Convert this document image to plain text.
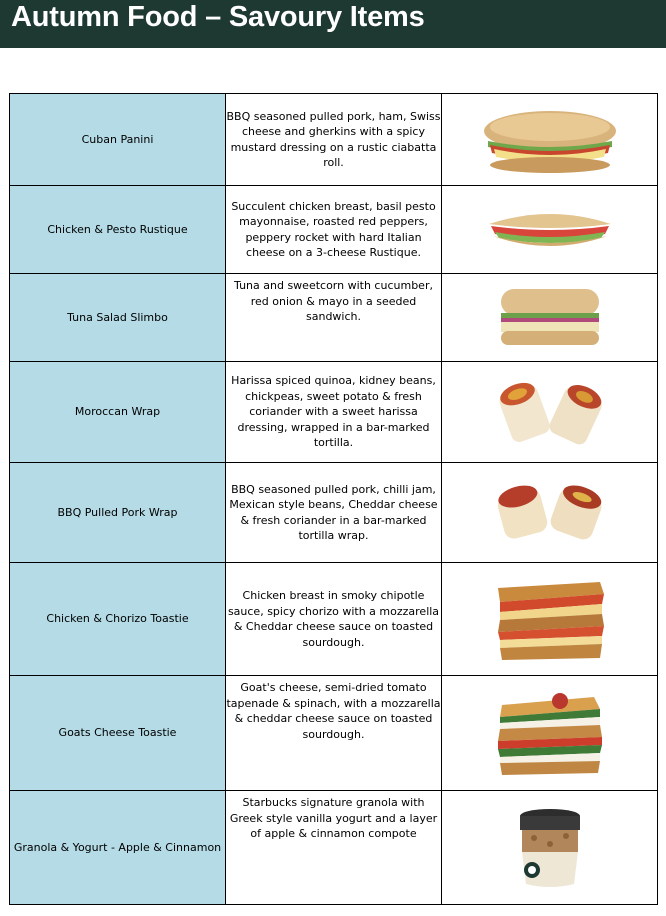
Autumn Food – Savoury Items
Cuban Panini	BBQ seasoned pulled pork, ham, Swiss cheese and gherkins with a spicy mustard dressing on a rustic ciabatta roll.	

Chicken & Pesto Rustique	Succulent chicken breast, basil pesto mayonnaise, roasted red peppers, peppery rocket with hard Italian cheese on a 3-cheese Rustique.	

Tuna Salad Slimbo	Tuna and sweetcorn with cucumber, red onion & mayo in a seeded sandwich.	

Moroccan Wrap	Harissa spiced quinoa, kidney beans, chickpeas, sweet potato & fresh coriander with a sweet harissa dressing, wrapped in a bar-marked tortilla.	

BBQ Pulled Pork Wrap	BBQ seasoned pulled pork, chilli jam, Mexican style beans, Cheddar cheese & fresh coriander in a bar-marked tortilla wrap.	

Chicken & Chorizo Toastie	Chicken breast in smoky chipotle sauce, spicy chorizo with a mozzarella & Cheddar cheese sauce on toasted sourdough.	

Goats Cheese Toastie	Goat's cheese, semi-dried tomato tapenade & spinach, with a mozzarella & cheddar cheese sauce on toasted sourdough.	

Granola & Yogurt - Apple & Cinnamon	Starbucks signature granola with Greek style vanilla yogurt and a layer of apple & cinnamon compote	
